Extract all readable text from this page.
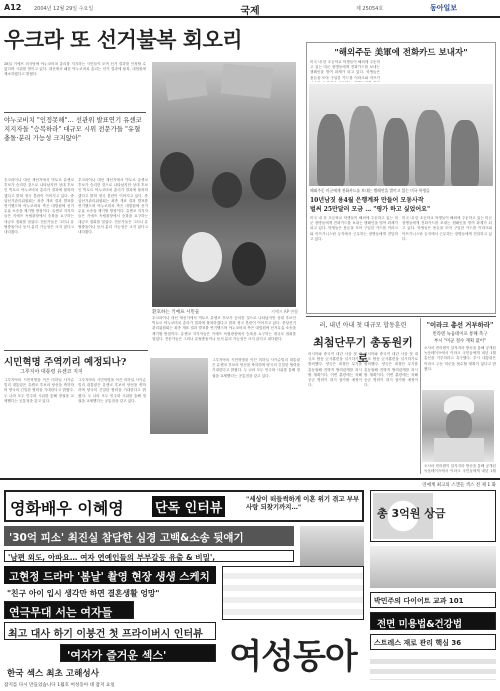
A12	2004년 12월 29일 수요일	국제	제 25054호	동아일보
우크라 또 선거불복 회오리
28일 키예프 의사당에 야누코비치 총리를 지지하는 시민들이 모여 선거 결과를 인정할 수 없다며 시위를 벌이고 있다. 대선에서 패한 야누코비치 총리는 선거 결과에 불복, 대법원에 제소하겠다고 밝혔다.
야누코비치 "인정못해"… 선관위 발표연기 유센코 지지자들 "승복하라" 대규모 시위 전문가들 "유혈충돌·분리 가능성 크지않아"
우크라이나 대선 재선거에서 빅토르 유셴코 후보가 승리한 것으로 나타났지만 상대 후보인 빅토르 야누코비치 총리가 결과에 불복하겠다고 밝혀 정국 혼란이 이어지고 있다. 중앙선거관리위원회는 최종 개표 결과 발표를 연기했으며 야누코비치 측은 대법원에 선거무효 소송을 제기할 방침이다. 유셴코 지지자들은 키예프 독립광장에서 승복을 요구하는 대규모 집회를 열었다. 전문가들은 그러나 유혈충돌이나 동서 분리 가능성은 크지 않다고 내다봤다.
우크라이나 대선 재선거에서 빅토르 유셴코 후보가 승리한 것으로 나타났지만 상대 후보인 빅토르 야누코비치 총리가 결과에 불복하겠다고 밝혀 정국 혼란이 이어지고 있다. 중앙선거관리위원회는 최종 개표 결과 발표를 연기했으며 야누코비치 측은 대법원에 선거무효 소송을 제기할 방침이다. 유셴코 지지자들은 키예프 독립광장에서 승복을 요구하는 대규모 집회를 열었다. 전문가들은 그러나 유혈충돌이나 동서 분리 가능성은 크지 않다고 내다봤다.
환호하는 키예프 시민들	키예프 AP 연합
우크라이나 대선 재선거에서 빅토르 유셴코 후보가 승리한 것으로 나타났지만 상대 후보인 빅토르 야누코비치 총리가 결과에 불복하겠다고 밝혀 정국 혼란이 이어지고 있다. 중앙선거관리위원회는 최종 개표 결과 발표를 연기했으며 야누코비치 측은 대법원에 선거무효 소송을 제기할 방침이다. 유셴코 지지자들은 키예프 독립광장에서 승복을 요구하는 대규모 집회를 열었다. 전문가들은 그러나 유혈충돌이나 동서 분리 가능성은 크지 않다고 내다봤다.
"해외주둔 美軍에 전화카드 보내자"
미국 내 한 초등학교 학생들이 해외에 주둔하고 있는 미군 장병들에게 전화카드를 보내는 캠페인을 벌여 화제가 되고 있다. 학생들은 용돈을 모아 구입한 카드를 이라크와 아프가
해외주둔 미군에게 전화카드를 보내는 캠페인을 벌이고 있는 미국 학생들
10년남짓 용4월 은행계좌 만들어 모동사작
벌써 25만달러 모금 … "평가 하고 싶었어요"
미국 내 한 초등학교 학생들이 해외에 주둔하고 있는 미군 장병들에게 전화카드를 보내는 캠페인을 벌여 화제가 되고 있다. 학생들은 용돈을 모아 구입한 카드를 이라크와 아프가니스탄 등지에서 근무하는 장병들에게 전달하고 있다.
미국 내 한 초등학교 학생들이 해외에 주둔하고 있는 미군 장병들에게 전화카드를 보내는 캠페인을 벌여 화제가 되고 있다. 학생들은 용돈을 모아 구입한 카드를 이라크와 아프가니스탄 등지에서 근무하는 장병들에게 전달하고 있다.
시민혁명 주역끼리 예정되나?
그루지야 대통령 유셴코 지지
그루지야의 시민혁명을 이끈 미하일 사카슈빌리 대통령은 유셴코 후보의 당선을 축하하며 양국의 긴밀한 협력을 기대한다고 밝혔다. 두 나라 모두 민주화 시위를 통해 정권을 교체했다는 공통점을 갖고 있다.
그루지야의 시민혁명을 이끈 미하일 사카슈빌리 대통령은 유셴코 후보의 당선을 축하하며 양국의 긴밀한 협력을 기대한다고 밝혔다. 두 나라 모두 민주화 시위를 통해 정권을 교체했다는 공통점을 갖고 있다.
그루지야의 시민혁명을 이끈 미하일 사카슈빌리 대통령은 유셴코 후보의 당선을 축하하며 양국의 긴밀한 협력을 기대한다고 밝혔다. 두 나라 모두 민주화 시위를 통해 정권을 교체했다는 공통점을 갖고 있다.
러, 내년 아내 첫 대규모 합동훈련
최첨단무기 총동원키로
러시아와 중국이 내년 사상 첫 대규모 합동 군사훈련을 실시하기로 합의했다. 양국은 최첨단 무기를 총동원해 전략적 협력관계를 과시할 계획이다. 이번 훈련에는 육해공군 병력이 대거 참가할 예정이다.
러시아와 중국이 내년 사상 첫 대규모 합동 군사훈련을 실시하기로 합의했다. 양국은 최첨단 무기를 총동원해 전략적 협력관계를 과시할 계획이다. 이번 훈련에는 육해공군 병력이 대거 참가할 예정이다.
"이라크 총선 거부하라"
빈라덴 녹음테이프 통해 촉구
부시 "미군 철수 계획 없어"
오사마 빈라덴이 알자지라 방송을 통해 공개된 녹음테이프에서 이라크 국민들에게 내년 1월 총선을 거부하라고 촉구했다. 부시 대통령은 이라크 주둔 미군을 철수할 계획이 없다고 밝혔다.
오사마 빈라덴이 알자지라 방송을 통해 공개된 녹음테이프에서 이라크 국민들에게 내년 1월
연예계 최고의 스캔들 섹스 전 제 1 화
영화배우 이혜영 단독 인터뷰
"세상이 떠들썩하게 이혼 위기 겪고 부부 사랑 되찾기까지…"
'30억 피소' 최진실 참담한 심경 고백&소송 뒷얘기
'남편 외도, 아파요… 여자 연예인들의 부부갈등 유출 & 비밀',
고현정 드라마 '봄날' 촬영 현장 생생 스케치
"친구 아이 입시 생각만 하면 결혼생활 엉망"
연극무대 서는 여자들
최고 대사 하기 이붕건 첫 프라이버시 인터뷰
'여자가 즐거운 섹스'
한국 섹스 최초 고해성사	여성동아
총 3억원 상금
박민주의 다이어트 교과 101
전면 미용법&건강법
스트레스 재로 관리 핵심 36
잡지를 다시 만들었습니다 1월호 여성동아 대 잡지 요일
